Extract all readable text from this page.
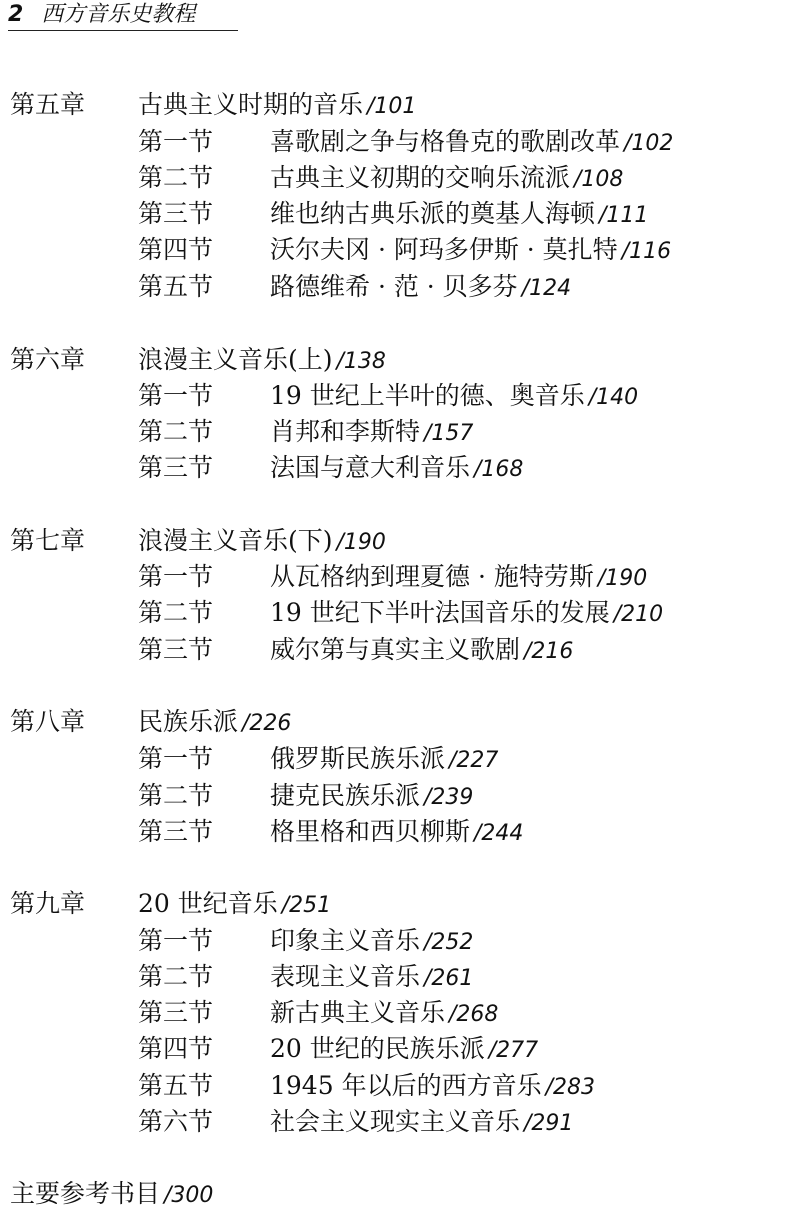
2 西方音乐史教程
第五章 古典主义时期的音乐 /101
第一节 喜歌剧之争与格鲁克的歌剧改革 /102
第二节 古典主义初期的交响乐流派 /108
第三节 维也纳古典乐派的奠基人海顿 /111
第四节 沃尔夫冈 · 阿玛多伊斯 · 莫扎特 /116
第五节 路德维希 · 范 · 贝多芬 /124
第六章 浪漫主义音乐(上) /138
第一节 19 世纪上半叶的德、奥音乐 /140
第二节 肖邦和李斯特 /157
第三节 法国与意大利音乐 /168
第七章 浪漫主义音乐(下) /190
第一节 从瓦格纳到理夏德 · 施特劳斯 /190
第二节 19 世纪下半叶法国音乐的发展 /210
第三节 威尔第与真实主义歌剧 /216
第八章 民族乐派 /226
第一节 俄罗斯民族乐派 /227
第二节 捷克民族乐派 /239
第三节 格里格和西贝柳斯 /244
第九章 20 世纪音乐 /251
第一节 印象主义音乐 /252
第二节 表现主义音乐 /261
第三节 新古典主义音乐 /268
第四节 20 世纪的民族乐派 /277
第五节 1945 年以后的西方音乐 /283
第六节 社会主义现实主义音乐 /291
主要参考书目 /300
